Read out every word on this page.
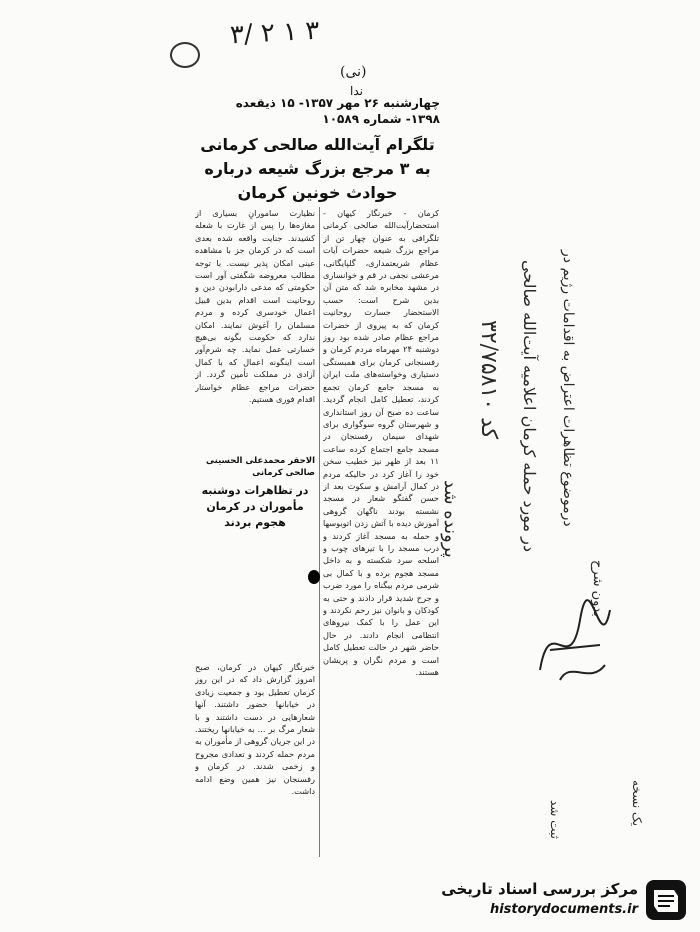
۳/ ۲ ۱ ۳
(نی)
ندا
چهارشنبه ۲۶ مهر ۱۳۵۷- ۱۵ ذیقعده ۱۳۹۸- شماره ۱۰۵۸۹
تلگرام آیت‌الله صالحی کرمانی به ۳ مرجع بزرگ شیعه درباره حوادث خونین کرمان
کرمان - خبرنگار کیهان - استحضارآیت‌الله صالحی کرمانی تلگرافی به عنوان چهار تن از مراجع بزرگ شیعه حضرات آیات عظام شریعتمداری، گلپایگانی، مرعشی نجفی در قم و خوانساری در مشهد مخابره شد که متن آن بدین شرح است: حسب الاستحضار جسارت روحانیت کرمان که به پیروی از حضرات مراجع عظام صادر شده بود روز دوشنبه ۲۴ مهرماه مردم کرمان و رفسنجانی کرمان برای همبستگی دستیاری وخواسته‌های ملت ایران به مسجد جامع کرمان تجمع کردند، تعطیل کامل انجام گردید. ساعت ده صبح آن روز استانداری و شهرستان گروه سوگواری برای شهدای سیمان رفسنجان در مسجد جامع اجتماع کرده ساعت ۱۱ بعد از ظهر نیز خطیب سخن خود را آغاز کرد در حالیکه مردم در کمال آرامش و سکوت بعد از حسن گفتگو شعار در مسجد نشسته بودند ناگهان گروهی آموزش دیده با آتش زدن اتوبوسها و حمله به مسجد آغاز کردند و درب مسجد را با تیرهای چوب و اسلحه سرد شکسته و به داخل مسجد هجوم برده و با کمال بی شرمی مردم بیگناه را مورد ضرب و جرح شدید قرار دادند و حتی به کودکان و بانوان نیز رحم نکردند و این عمل را با کمک نیروهای انتظامی انجام دادند. در حال حاضر شهر در حالت تعطیل کامل است و مردم نگران و پریشان هستند.
نظیارت سامورانِ بسیاری از مغازه‌ها را پس از غارت با شعله کشیدند. جنایت واقعه شده بعدی است که در کرمان جز با مشاهده عینی امکان پذیر نیست. با توجه مطالب معروضه شگفتی آور است حکومتی که مدعی دارابودن دین و روحانیت است اقدام بدین قبیل اعمال خودسری کرده و مردم مسلمان را آغوش نمایند. امکان ندارد که حکومت بگونه بی‌هیچ خسارتی عمل نماید. چه شرم‌آور است اینگونه اعمال که با کمال آزادی در مملکت تأمین گردد. از حضرات مراجع عظام خواستار اقدام فوری هستیم.
الاحقر محمدعلی الحسینی صالحی کرمانی
در تظاهرات دوشنبه مأموران در کرمان هجوم بردند
خبرنگار کیهان در کرمان، صبح امروز گزارش داد که در این روز کرمان تعطیل بود و جمعیت زیادی در خیابانها حضور داشتند. آنها شعارهایی در دست داشتند و با شعار مرگ بر ... به خیابانها ریختند. در این جریان گروهی از مأموران به مردم حمله کردند و تعدادی مجروح و زخمی شدند. در کرمان و رفسنجان نیز همین وضع ادامه داشت.
درموضوع تظاهرات اعتراض به اقدامات رژیم در
در مورد حمله کرمان اعلامیه آیت‌الله صالحی
کد ۳۲/۷۵۸۱۰
پرونده شد
بدون شرح
یک نسخه
ثبت شد
مرکز بررسی اسناد تاریخی
historydocuments.ir
